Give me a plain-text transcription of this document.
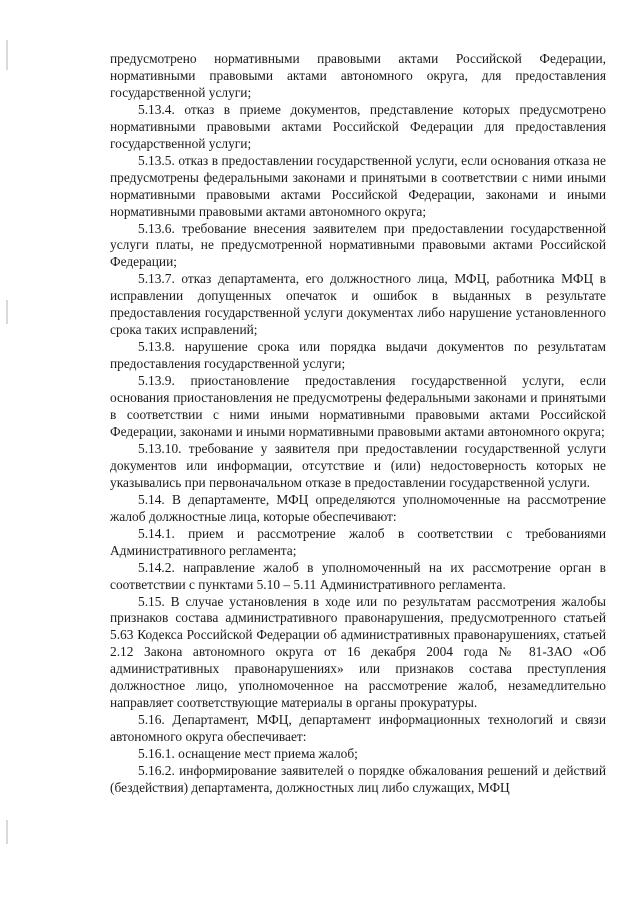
предусмотрено нормативными правовыми актами Российской Федерации, нормативными правовыми актами автономного округа, для предоставления государственной услуги;

5.13.4. отказ в приеме документов, представление которых предусмотрено нормативными правовыми актами Российской Федерации для предоставления государственной услуги;

5.13.5. отказ в предоставлении государственной услуги, если основания отказа не предусмотрены федеральными законами и принятыми в соответствии с ними иными нормативными правовыми актами Российской Федерации, законами и иными нормативными правовыми актами автономного округа;

5.13.6. требование внесения заявителем при предоставлении государственной услуги платы, не предусмотренной нормативными правовыми актами Российской Федерации;

5.13.7. отказ департамента, его должностного лица, МФЦ, работника МФЦ в исправлении допущенных опечаток и ошибок в выданных в результате предоставления государственной услуги документах либо нарушение установленного срока таких исправлений;

5.13.8. нарушение срока или порядка выдачи документов по результатам предоставления государственной услуги;

5.13.9. приостановление предоставления государственной услуги, если основания приостановления не предусмотрены федеральными законами и принятыми в соответствии с ними иными нормативными правовыми актами Российской Федерации, законами и иными нормативными правовыми актами автономного округа;

5.13.10. требование у заявителя при предоставлении государственной услуги документов или информации, отсутствие и (или) недостоверность которых не указывались при первоначальном отказе в предоставлении государственной услуги.

5.14. В департаменте, МФЦ определяются уполномоченные на рассмотрение жалоб должностные лица, которые обеспечивают:

5.14.1. прием и рассмотрение жалоб в соответствии с требованиями Административного регламента;

5.14.2. направление жалоб в уполномоченный на их рассмотрение орган в соответствии с пунктами 5.10 – 5.11 Административного регламента.

5.15. В случае установления в ходе или по результатам рассмотрения жалобы признаков состава административного правонарушения, предусмотренного статьей 5.63 Кодекса Российской Федерации об административных правонарушениях, статьей 2.12 Закона автономного округа от 16 декабря 2004 года № 81-ЗАО «Об административных правонарушениях» или признаков состава преступления должностное лицо, уполномоченное на рассмотрение жалоб, незамедлительно направляет соответствующие материалы в органы прокуратуры.

5.16. Департамент, МФЦ, департамент информационных технологий и связи автономного округа обеспечивает:

5.16.1. оснащение мест приема жалоб;

5.16.2. информирование заявителей о порядке обжалования решений и действий (бездействия) департамента, должностных лиц либо служащих, МФЦ
